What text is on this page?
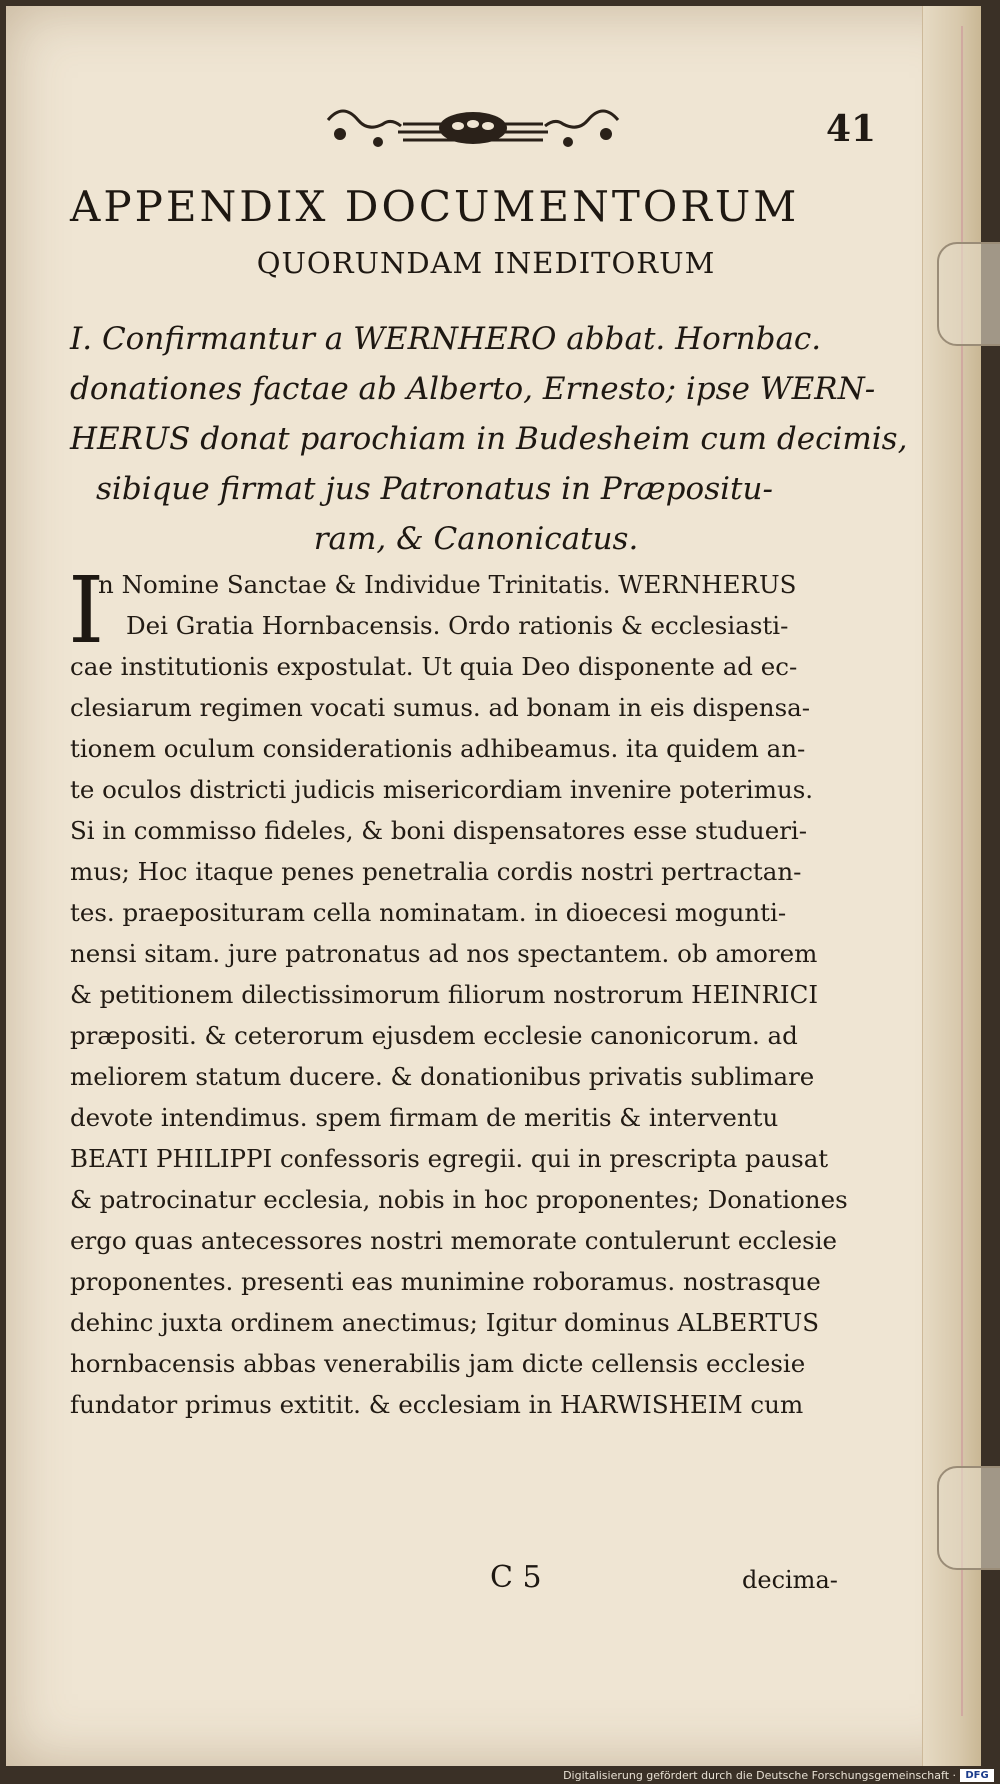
41
APPENDIX DOCUMENTORUM
QUORUNDAM INEDITORUM
I. Confirmantur a WERNHERO abbat. Hornbac.
donationes factae ab Alberto, Ernesto; ipse WERN-
HERUS donat parochiam in Budesheim cum decimis,
sibique firmat jus Patronatus in Præpositu-
ram, & Canonicatus.
I
n Nomine Sanctae & Individue Trinitatis. WERNHERUS
Dei Gratia Hornbacensis. Ordo rationis & ecclesiasti-
cae institutionis expostulat. Ut quia Deo disponente ad ec-
clesiarum regimen vocati sumus. ad bonam in eis dispensa-
tionem oculum considerationis adhibeamus. ita quidem an-
te oculos districti judicis misericordiam invenire poterimus.
Si in commisso fideles, & boni dispensatores esse studueri-
mus; Hoc itaque penes penetralia cordis nostri pertractan-
tes. praeposituram cella nominatam. in dioecesi mogunti-
nensi sitam. jure patronatus ad nos spectantem. ob amorem
& petitionem dilectissimorum filiorum nostrorum HEINRICI
præpositi. & ceterorum ejusdem ecclesie canonicorum. ad
meliorem statum ducere. & donationibus privatis sublimare
devote intendimus. spem firmam de meritis & interventu
BEATI PHILIPPI confessoris egregii. qui in prescripta pausat
& patrocinatur ecclesia, nobis in hoc proponentes; Donationes
ergo quas antecessores nostri memorate contulerunt ecclesie
proponentes. presenti eas munimine roboramus. nostrasque
dehinc juxta ordinem anectimus; Igitur dominus ALBERTUS
hornbacensis abbas venerabilis jam dicte cellensis ecclesie
fundator primus extitit. & ecclesiam in HARWISHEIM cum
C 5	decima-
Digitalisierung gefördert durch die Deutsche Forschungsgemeinschaft · DFG
